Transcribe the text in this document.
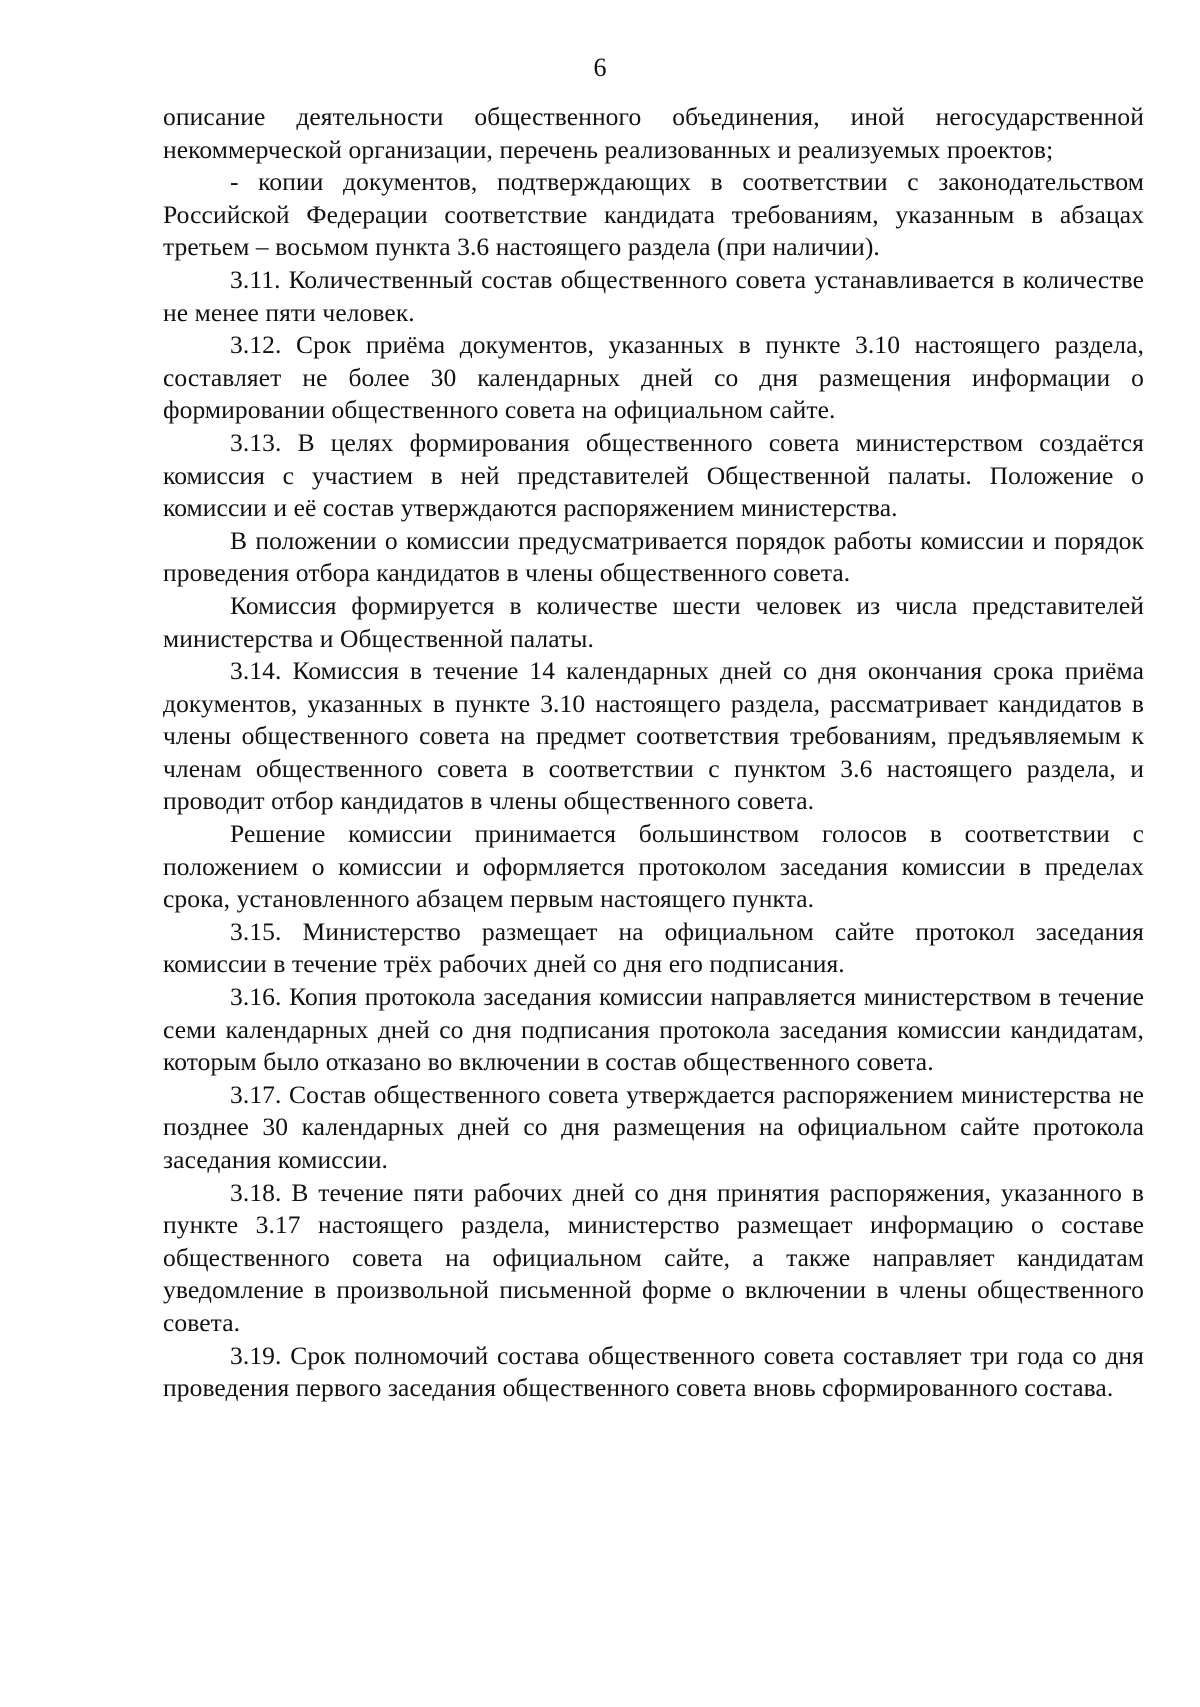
6

описание деятельности общественного объединения, иной негосударственной некоммерческой организации, перечень реализованных и реализуемых проектов;

- копии документов, подтверждающих в соответствии с законодательством Российской Федерации соответствие кандидата требованиям, указанным в абзацах третьем – восьмом пункта 3.6 настоящего раздела (при наличии).

3.11. Количественный состав общественного совета устанавливается в количестве не менее пяти человек.

3.12. Срок приёма документов, указанных в пункте 3.10 настоящего раздела, составляет не более 30 календарных дней со дня размещения информации о формировании общественного совета на официальном сайте.

3.13. В целях формирования общественного совета министерством создаётся комиссия с участием в ней представителей Общественной палаты. Положение о комиссии и её состав утверждаются распоряжением министерства.

В положении о комиссии предусматривается порядок работы комиссии и порядок проведения отбора кандидатов в члены общественного совета.

Комиссия формируется в количестве шести человек из числа представителей министерства и Общественной палаты.

3.14. Комиссия в течение 14 календарных дней со дня окончания срока приёма документов, указанных в пункте 3.10 настоящего раздела, рассматривает кандидатов в члены общественного совета на предмет соответствия требованиям, предъявляемым к членам общественного совета в соответствии с пунктом 3.6 настоящего раздела, и проводит отбор кандидатов в члены общественного совета.

Решение комиссии принимается большинством голосов в соответствии с положением о комиссии и оформляется протоколом заседания комиссии в пределах срока, установленного абзацем первым настоящего пункта.

3.15. Министерство размещает на официальном сайте протокол заседания комиссии в течение трёх рабочих дней со дня его подписания.

3.16. Копия протокола заседания комиссии направляется министерством в течение семи календарных дней со дня подписания протокола заседания комиссии кандидатам, которым было отказано во включении в состав общественного совета.

3.17. Состав общественного совета утверждается распоряжением министерства не позднее 30 календарных дней со дня размещения на официальном сайте протокола заседания комиссии.

3.18. В течение пяти рабочих дней со дня принятия распоряжения, указанного в пункте 3.17 настоящего раздела, министерство размещает информацию о составе общественного совета на официальном сайте, а также направляет кандидатам уведомление в произвольной письменной форме о включении в члены общественного совета.

3.19. Срок полномочий состава общественного совета составляет три года со дня проведения первого заседания общественного совета вновь сформированного состава.
